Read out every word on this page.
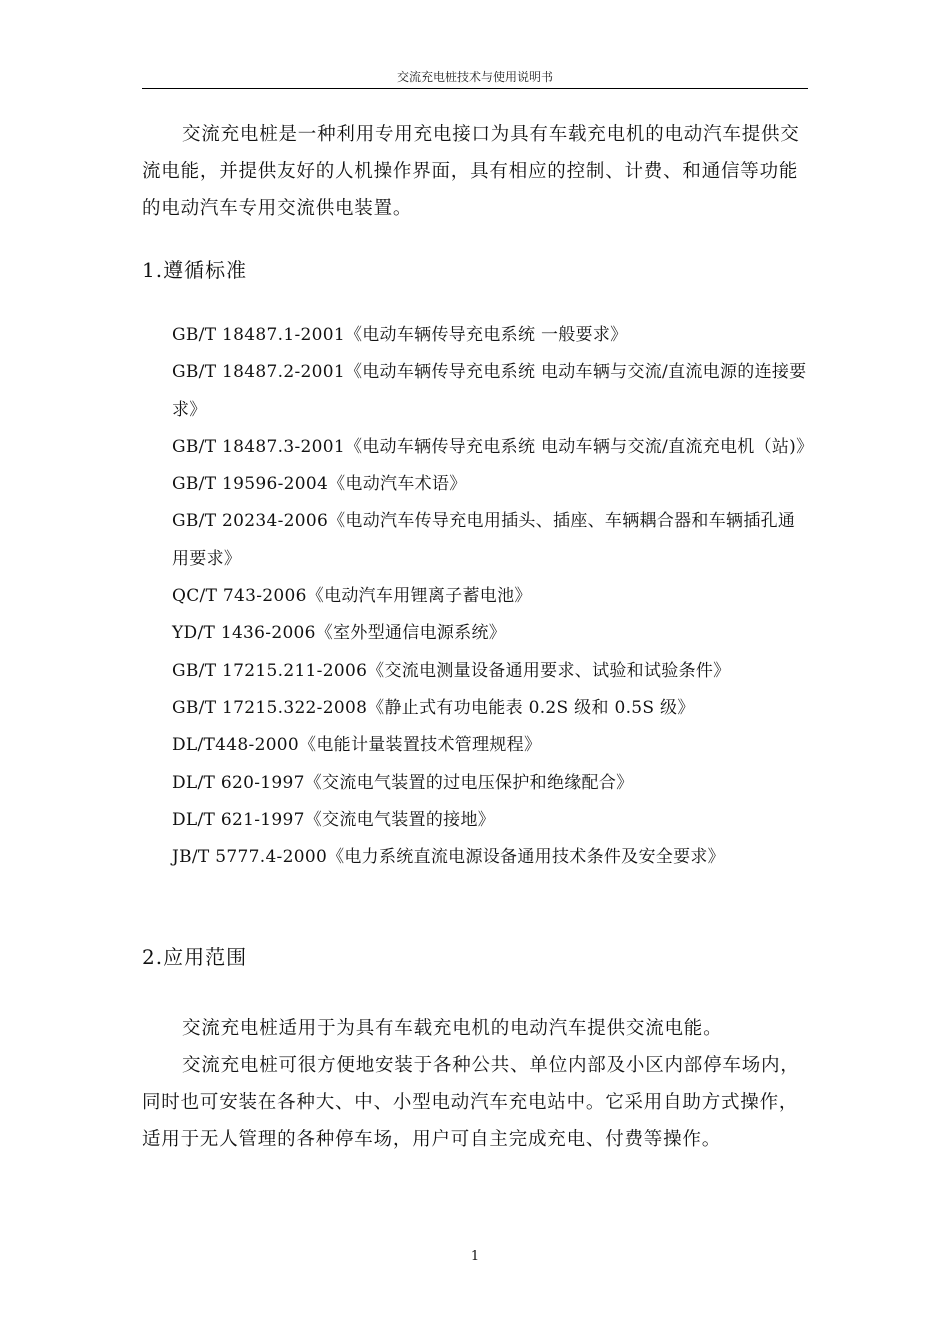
交流充电桩技术与使用说明书

交流充电桩是一种利用专用充电接口为具有车载充电机的电动汽车提供交流电能，并提供友好的人机操作界面，具有相应的控制、计费、和通信等功能的电动汽车专用交流供电装置。

1.遵循标准
GB/T 18487.1-2001《电动车辆传导充电系统 一般要求》
GB/T 18487.2-2001《电动车辆传导充电系统 电动车辆与交流/直流电源的连接要求》
GB/T 18487.3-2001《电动车辆传导充电系统 电动车辆与交流/直流充电机（站)》
GB/T 19596-2004《电动汽车术语》
GB/T 20234-2006《电动汽车传导充电用插头、插座、车辆耦合器和车辆插孔通用要求》
QC/T 743-2006《电动汽车用锂离子蓄电池》
YD/T 1436-2006《室外型通信电源系统》
GB/T 17215.211-2006《交流电测量设备通用要求、试验和试验条件》
GB/T 17215.322-2008《静止式有功电能表 0.2S 级和 0.5S 级》
DL/T448-2000《电能计量装置技术管理规程》
DL/T 620-1997《交流电气装置的过电压保护和绝缘配合》
DL/T 621-1997《交流电气装置的接地》
JB/T 5777.4-2000《电力系统直流电源设备通用技术条件及安全要求》
2.应用范围

交流充电桩适用于为具有车载充电机的电动汽车提供交流电能。

交流充电桩可很方便地安装于各种公共、单位内部及小区内部停车场内，同时也可安装在各种大、中、小型电动汽车充电站中。它采用自助方式操作，适用于无人管理的各种停车场，用户可自主完成充电、付费等操作。

1
